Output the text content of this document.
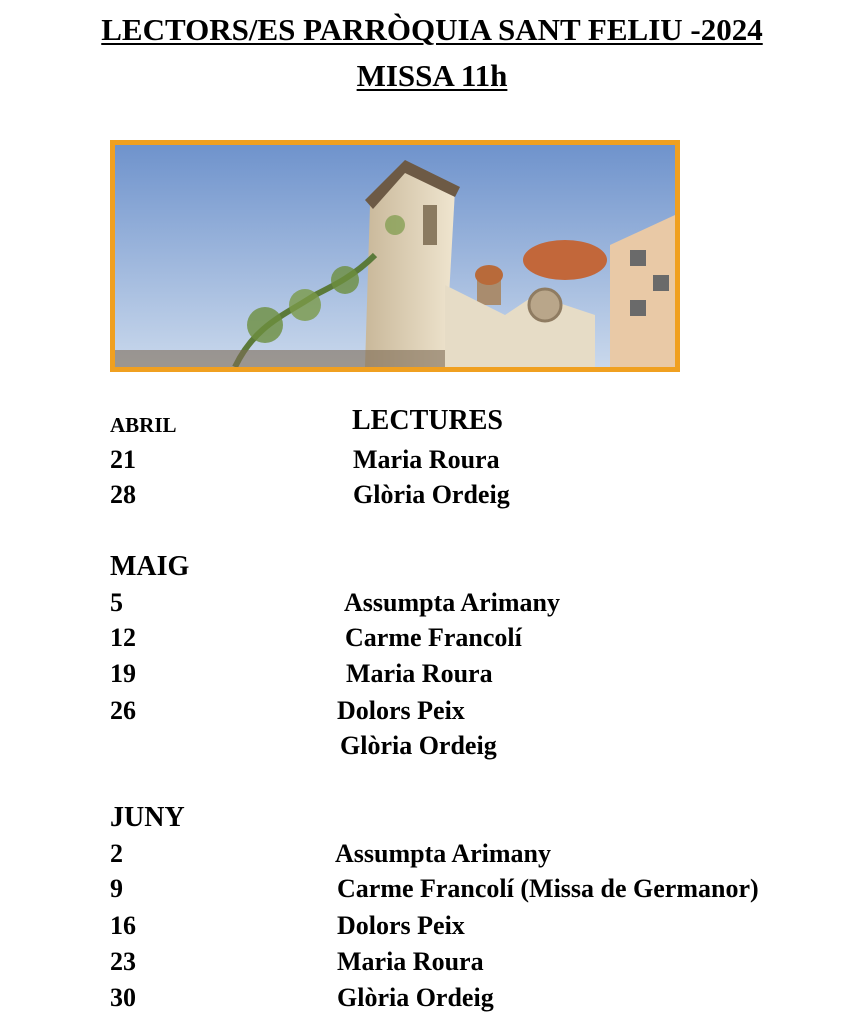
LECTORS/ES PARRÒQUIA SANT FELIU -2024
MISSA 11h
ABRIL	LECTURES
21	Maria Roura
28	Glòria Ordeig
MAIG
5	Assumpta Arimany
12	Carme Francolí
19	Maria Roura
26	Dolors Peix
Glòria Ordeig
JUNY
2	Assumpta Arimany
9	Carme Francolí (Missa de Germanor)
16	Dolors Peix
23	Maria Roura
30	Glòria Ordeig
